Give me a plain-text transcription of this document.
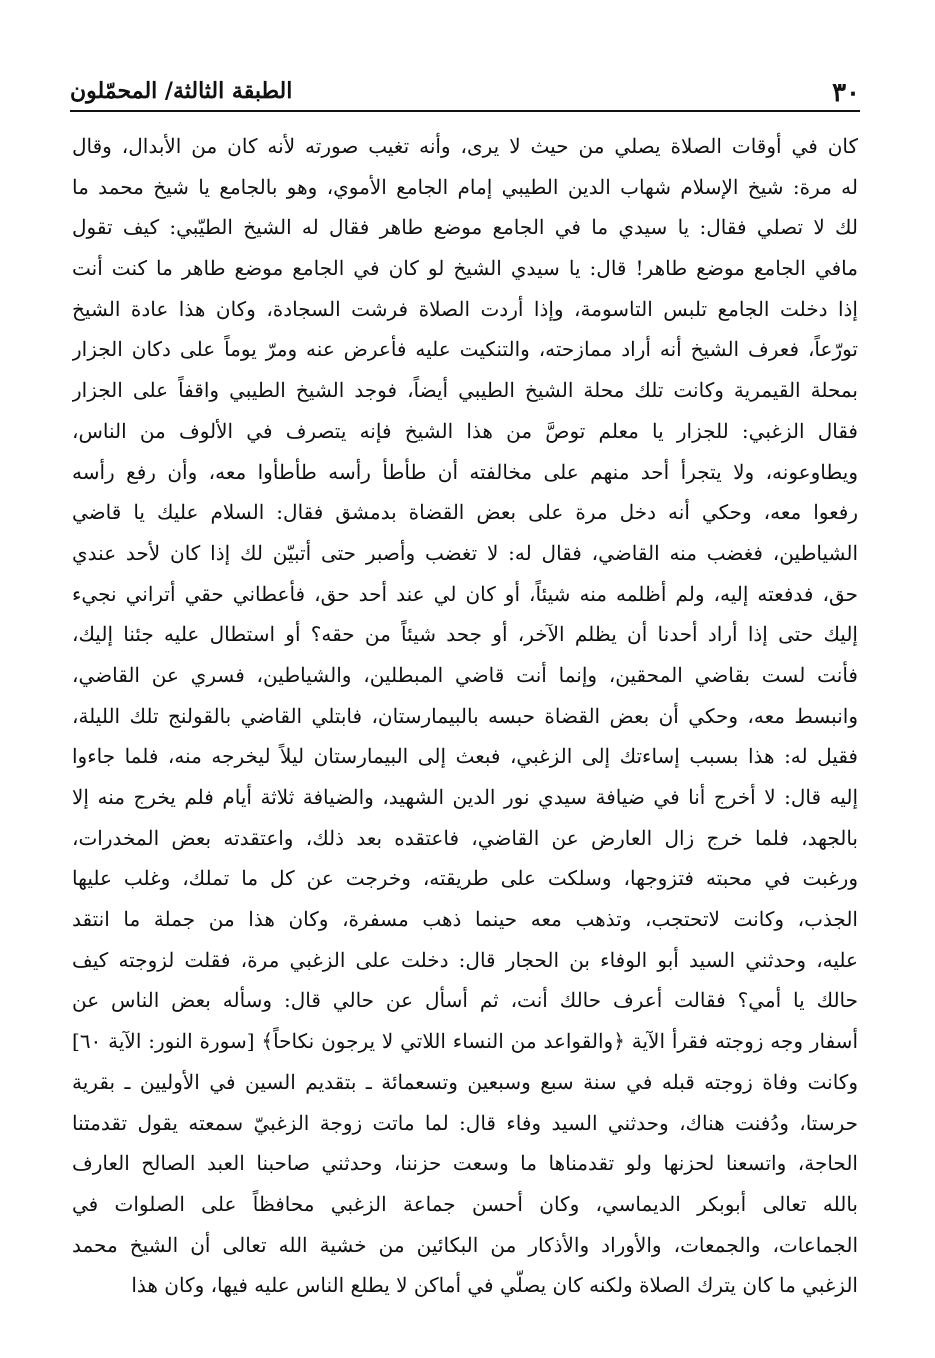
٣٠
الطبقة الثالثة/ المحمّلون
كان في أوقات الصلاة يصلي من حيث لا يرى، وأنه تغيب صورته لأنه كان من الأبدال، وقال
له مرة: شيخ الإسلام شهاب الدين الطيبي إمام الجامع الأموي، وهو بالجامع يا شيخ محمد ما
لك لا تصلي فقال: يا سيدي ما في الجامع موضع طاهر فقال له الشيخ الطيّبي: كيف تقول
مافي الجامع موضع طاهر! قال: يا سيدي الشيخ لو كان في الجامع موضع طاهر ما كنت أنت
إذا دخلت الجامع تلبس التاسومة، وإذا أردت الصلاة فرشت السجادة، وكان هذا عادة الشيخ
تورّعاً، فعرف الشيخ أنه أراد ممازحته، والتنكيت عليه فأعرض عنه ومرّ يوماً على دكان الجزار
بمحلة القيمرية وكانت تلك محلة الشيخ الطيبي أيضاً، فوجد الشيخ الطيبي واقفاً على الجزار
فقال الزغبي: للجزار يا معلم توصَّ من هذا الشيخ فإنه يتصرف في الألوف من الناس،
ويطاوعونه، ولا يتجرأ أحد منهم على مخالفته أن طأطأ رأسه طأطأوا معه، وأن رفع رأسه
رفعوا معه، وحكي أنه دخل مرة على بعض القضاة بدمشق فقال: السلام عليك يا قاضي
الشياطين، فغضب منه القاضي، فقال له: لا تغضب وأصبر حتى أتبيّن لك إذا كان لأحد عندي
حق، فدفعته إليه، ولم أظلمه منه شيئاً، أو كان لي عند أحد حق، فأعطاني حقي أتراني نجيء
إليك حتى إذا أراد أحدنا أن يظلم الآخر، أو جحد شيئاً من حقه؟ أو استطال عليه جئنا إليك،
فأنت لست بقاضي المحقين، وإنما أنت قاضي المبطلين، والشياطين، فسري عن القاضي،
وانبسط معه، وحكي أن بعض القضاة حبسه بالبيمارستان، فابتلي القاضي بالقولنج تلك الليلة،
فقيل له: هذا بسبب إساءتك إلى الزغبي، فبعث إلى البيمارستان ليلاً ليخرجه منه، فلما جاءوا
إليه قال: لا أخرج أنا في ضيافة سيدي نور الدين الشهيد، والضيافة ثلاثة أيام فلم يخرج منه إلا
بالجهد، فلما خرج زال العارض عن القاضي، فاعتقده بعد ذلك، واعتقدته بعض المخدرات،
ورغبت في محبته فتزوجها، وسلكت على طريقته، وخرجت عن كل ما تملك، وغلب عليها
الجذب، وكانت لاتحتجب، وتذهب معه حينما ذهب مسفرة، وكان هذا من جملة ما انتقد
عليه، وحدثني السيد أبو الوفاء بن الحجار قال: دخلت على الزغبي مرة، فقلت لزوجته كيف
حالك يا أمي؟ فقالت أعرف حالك أنت، ثم أسأل عن حالي قال: وسأله بعض الناس عن
أسفار وجه زوجته فقرأ الآية ﴿والقواعد من النساء اللاتي لا يرجون نكاحاً﴾ [سورة النور: الآية ٦٠]
وكانت وفاة زوجته قبله في سنة سبع وسبعين وتسعمائة ـ بتقديم السين في الأوليين ـ بقرية
حرستا، ودُفنت هناك، وحدثني السيد وفاء قال: لما ماتت زوجة الزغبيّ سمعته يقول تقدمتنا
الحاجة، واتسعنا لحزنها ولو تقدمناها ما وسعت حزننا، وحدثني صاحبنا العبد الصالح العارف
بالله تعالى أبوبكر الديماسي، وكان أحسن جماعة الزغبي محافظاً على الصلوات في
الجماعات، والجمعات، والأوراد والأذكار من البكائين من خشية الله تعالى أن الشيخ محمد
الزغبي ما كان يترك الصلاة ولكنه كان يصلّي في أماكن لا يطلع الناس عليه فيها، وكان هذا
